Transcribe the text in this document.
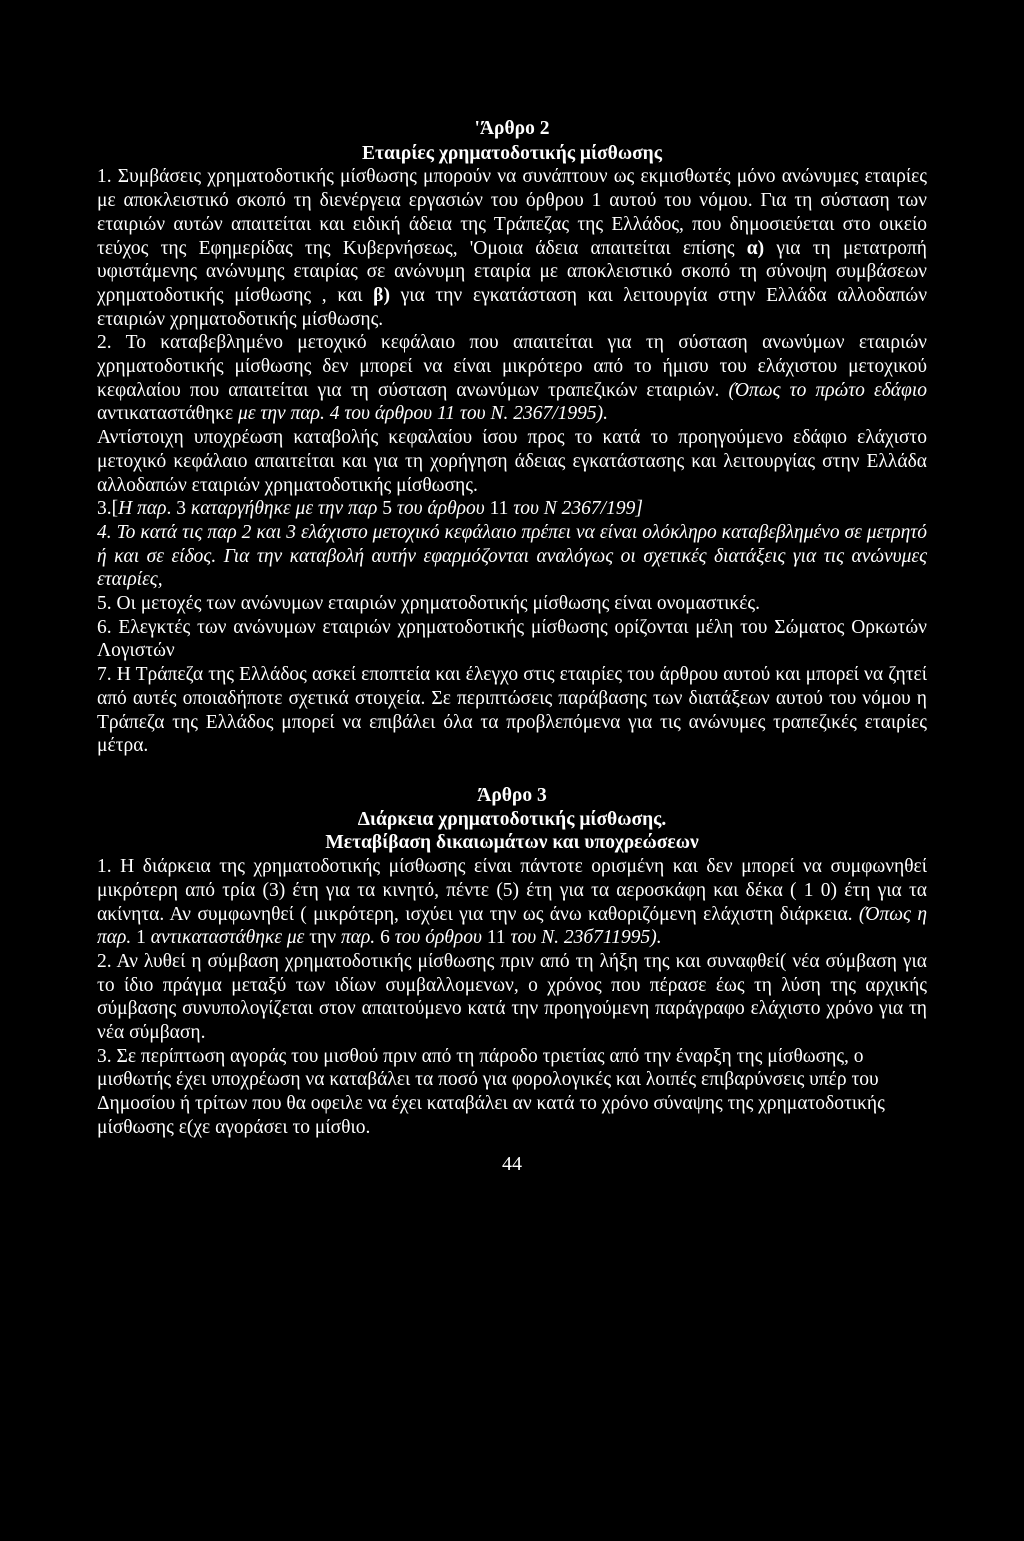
'Άρθρο 2
Εταιρίες χρηματοδοτικής μίσθωσης

1. Συμβάσεις χρηματοδοτικής μίσθωσης μπορούν να συνάπτουν ως εκμισθωτές μόνο ανώνυμες εταιρίες με αποκλειστικό σκοπό τη διενέργεια εργασιών του όρθρου 1 αυτού του νόμου. Για τη σύσταση των εταιριών αυτών απαιτείται και ειδική άδεια της Τράπεζας της Ελλάδος, που δημοσιεύεται στο οικείο τεύχος της Εφημερίδας της Κυβερνήσεως, 'Ομοια άδεια απαιτείται επίσης α) για τη μετατροπή υφιστάμενης ανώνυμης εταιρίας σε ανώνυμη εταιρία με αποκλειστικό σκοπό τη σύνοψη συμβάσεων χρηματοδοτικής μίσθωσης , και β) για την εγκατάσταση και λειτουργία στην Ελλάδα αλλοδαπών εταιριών χρηματοδοτικής μίσθωσης.

2. Το καταβεβλημένο μετοχικό κεφάλαιο που απαιτείται για τη σύσταση ανωνύμων εταιριών χρηματοδοτικής μίσθωσης δεν μπορεί να είναι μικρότερο από το ήμισυ του ελάχιστου μετοχικού κεφαλαίου που απαιτείται για τη σύσταση ανωνύμων τραπεζικών εταιριών. (Όπως το πρώτο εδάφιο αντικαταστάθηκε με την παρ. 4 του άρθρου 11 του Ν. 2367/1995).

Αντίστοιχη υποχρέωση καταβολής κεφαλαίου ίσου προς το κατά το προηγούμενο εδάφιο ελάχιστο μετοχικό κεφάλαιο απαιτείται και για τη χορήγηση άδειας εγκατάστασης και λειτουργίας στην Ελλάδα αλλοδαπών εταιριών χρηματοδοτικής μίσθωσης.

3.[Η παρ. 3 καταργήθηκε με την παρ 5 του άρθρου 11 του Ν 2367/199]

4. Το κατά τις παρ 2 και 3 ελάχιστο μετοχικό κεφάλαιο πρέπει να είναι ολόκληρο καταβεβλημένο σε μετρητό ή και σε είδος. Για την καταβολή αυτήν εφαρμόζονται αναλόγως οι σχετικές διατάξεις για τις ανώνυμες εταιρίες,

5. Οι μετοχές των ανώνυμων εταιριών χρηματοδοτικής μίσθωσης είναι ονομαστικές.

6. Ελεγκτές των ανώνυμων εταιριών χρηματοδοτικής μίσθωσης ορίζονται μέλη του Σώματος Ορκωτών Λογιστών

7. Η Τράπεζα της Ελλάδος ασκεί εποπτεία και έλεγχο στις εταιρίες του άρθρου αυτού και μπορεί να ζητεί από αυτές οποιαδήποτε σχετικά στοιχεία. Σε περιπτώσεις παράβασης των διατάξεων αυτού του νόμου η Τράπεζα της Ελλάδος μπορεί να επιβάλει όλα τα προβλεπόμενα για τις ανώνυμες τραπεζικές εταιρίες μέτρα.

Άρθρο 3
Διάρκεια χρηματοδοτικής μίσθωσης.
Μεταβίβαση δικαιωμάτων και υποχρεώσεων

1. Η διάρκεια της χρηματοδοτικής μίσθωσης είναι πάντοτε ορισμένη και δεν μπορεί να συμφωνηθεί μικρότερη από τρία (3) έτη για τα κινητό, πέντε (5) έτη για τα αεροσκάφη και δέκα ( 1 0) έτη για τα ακίνητα. Αν συμφωνηθεί ( μικρότερη, ισχύει για την ως άνω καθοριζόμενη ελάχιστη διάρκεια. (Όπως η παρ. 1 αντικαταστάθηκε με την παρ. 6 του όρθρου 11 του Ν. 23б711995).

2. Αν λυθεί η σύμβαση χρηματοδοτικής μίσθωσης πριν από τη λήξη της και συναφθεί( νέα σύμβαση για το ίδιο πράγμα μεταξύ των ιδίων συμβαλλομενων, ο χρόνος που πέρασε έως τη λύση της αρχικής σύμβασης συνυπολογίζεται στον απαιτούμενο κατά την προηγούμενη παράγραφο ελάχιστο χρόνο για τη νέα σύμβαση.

3. Σε περίπτωση αγοράς του μισθού πριν από τη πάροδο τριετίας από την έναρξη της μίσθωσης, ο μισθωτής έχει υποχρέωση να καταβάλει τα ποσό για φορολογικές και λοιπές επιβαρύνσεις υπέρ του Δημοσίου ή τρίτων που θα οφειλε να έχει καταβάλει αν κατά το χρόνο σύναψης της χρηματοδοτικής μίσθωσης ε(χε αγοράσει το μίσθιο.

44
